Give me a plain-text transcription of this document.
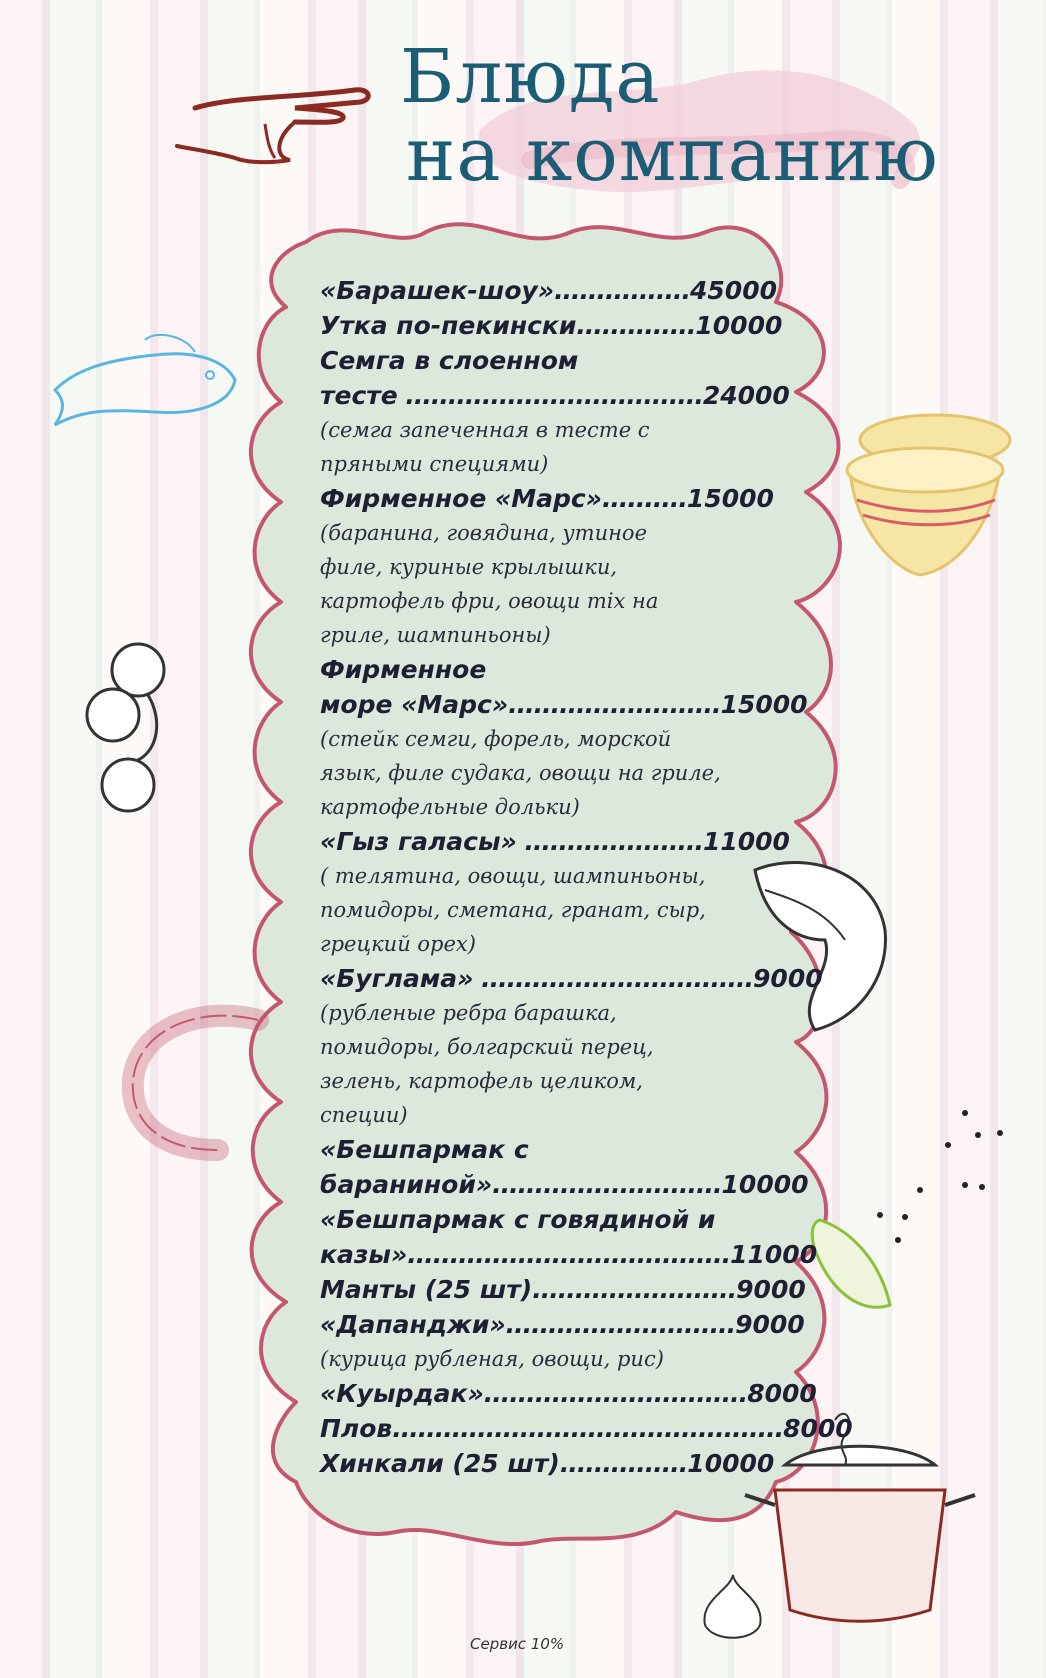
Блюда
на компанию
«Барашек-шоу»................45000
Утка по-пекински..............10000
Семга в слоенном
тесте ...................................24000
(семга запеченная в тесте с
пряными специями)
Фирменное «Марс»..........15000
(баранина, говядина, утиное
филе, куриные крылышки,
картофель фри, овощи mix на
гриле, шампиньоны)
Фирменное
море «Марс».........................15000
(стейк семги, форель, морской
язык, филе судака, овощи на гриле,
картофельные дольки)
«Гыз галасы» .....................11000
( телятина, овощи, шампиньоны,
помидоры, сметана, гранат, сыр,
грецкий орех)
«Буглама» ................................9000
(рубленые ребра барашка,
помидоры, болгарский перец,
зелень, картофель целиком,
специи)
«Бешпармак с
бараниной»...........................10000
«Бешпармак с говядиной и
казы»......................................11000
Манты (25 шт)........................9000
«Дапанджи»...........................9000
(курица рубленая, овощи, рис)
«Куырдак»...............................8000
Плов..............................................8000
Хинкали (25 шт)...............10000

Сервис 10%
